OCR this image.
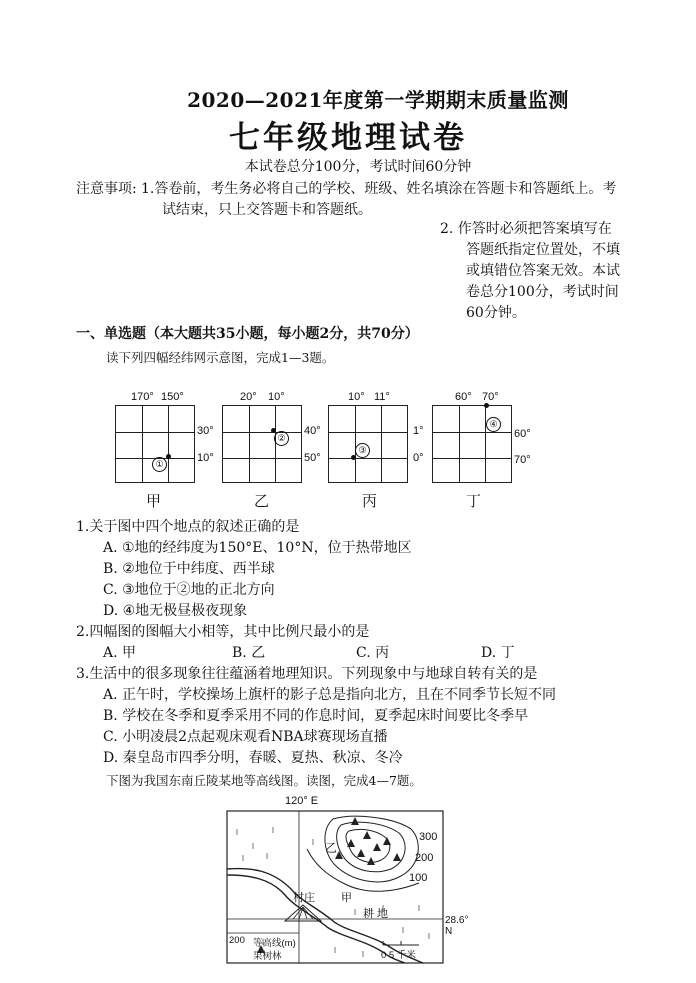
2020—2021年度第一学期期末质量监测
七年级地理试卷
本试卷总分100分，考试时间60分钟
注意事项: 1.答卷前，考生务必将自己的学校、班级、姓名填涂在答题卡和答题纸上。考
试结束，只上交答题卡和答题纸。
2. 作答时必须把答案填写在
答题纸指定位置处，不填
或填错位答案无效。本试
卷总分100分，考试时间
60分钟。
一、单选题（本大题共35小题，每小题2分，共70分）
读下列四幅经纬网示意图，完成1—3题。
170° 150°
30°
10°
①
甲
20° 10°
40°
50°
②
乙
10° 11°
1°
0°
③
丙
60° 70°
60°
70°
④
丁
1.关于图中四个地点的叙述正确的是
A. ①地的经纬度为150°E、10°N，位于热带地区
B. ②地位于中纬度、西半球
C. ③地位于②地的正北方向
D. ④地无极昼极夜现象
2.四幅图的图幅大小相等，其中比例尺最小的是
A. 甲	B. 乙	C. 丙	D. 丁
3.生活中的很多现象往往蕴涵着地理知识。下列现象中与地球自转有关的是
A. 正午时，学校操场上旗杆的影子总是指向北方，且在不同季节长短不同
B. 学校在冬季和夏季采用不同的作息时间，夏季起床时间要比冬季早
C. 小明凌晨2点起观床观看NBA球赛现场直播
D. 秦皇岛市四季分明，春暖、夏热、秋凉、冬冷
下图为我国东南丘陵某地等高线图。读图，完成4—7题。
120° E
300
200
100
乙
甲
村庄
耕 地
28.6° N
200 等高线(m)
果树林	0 5 千米
